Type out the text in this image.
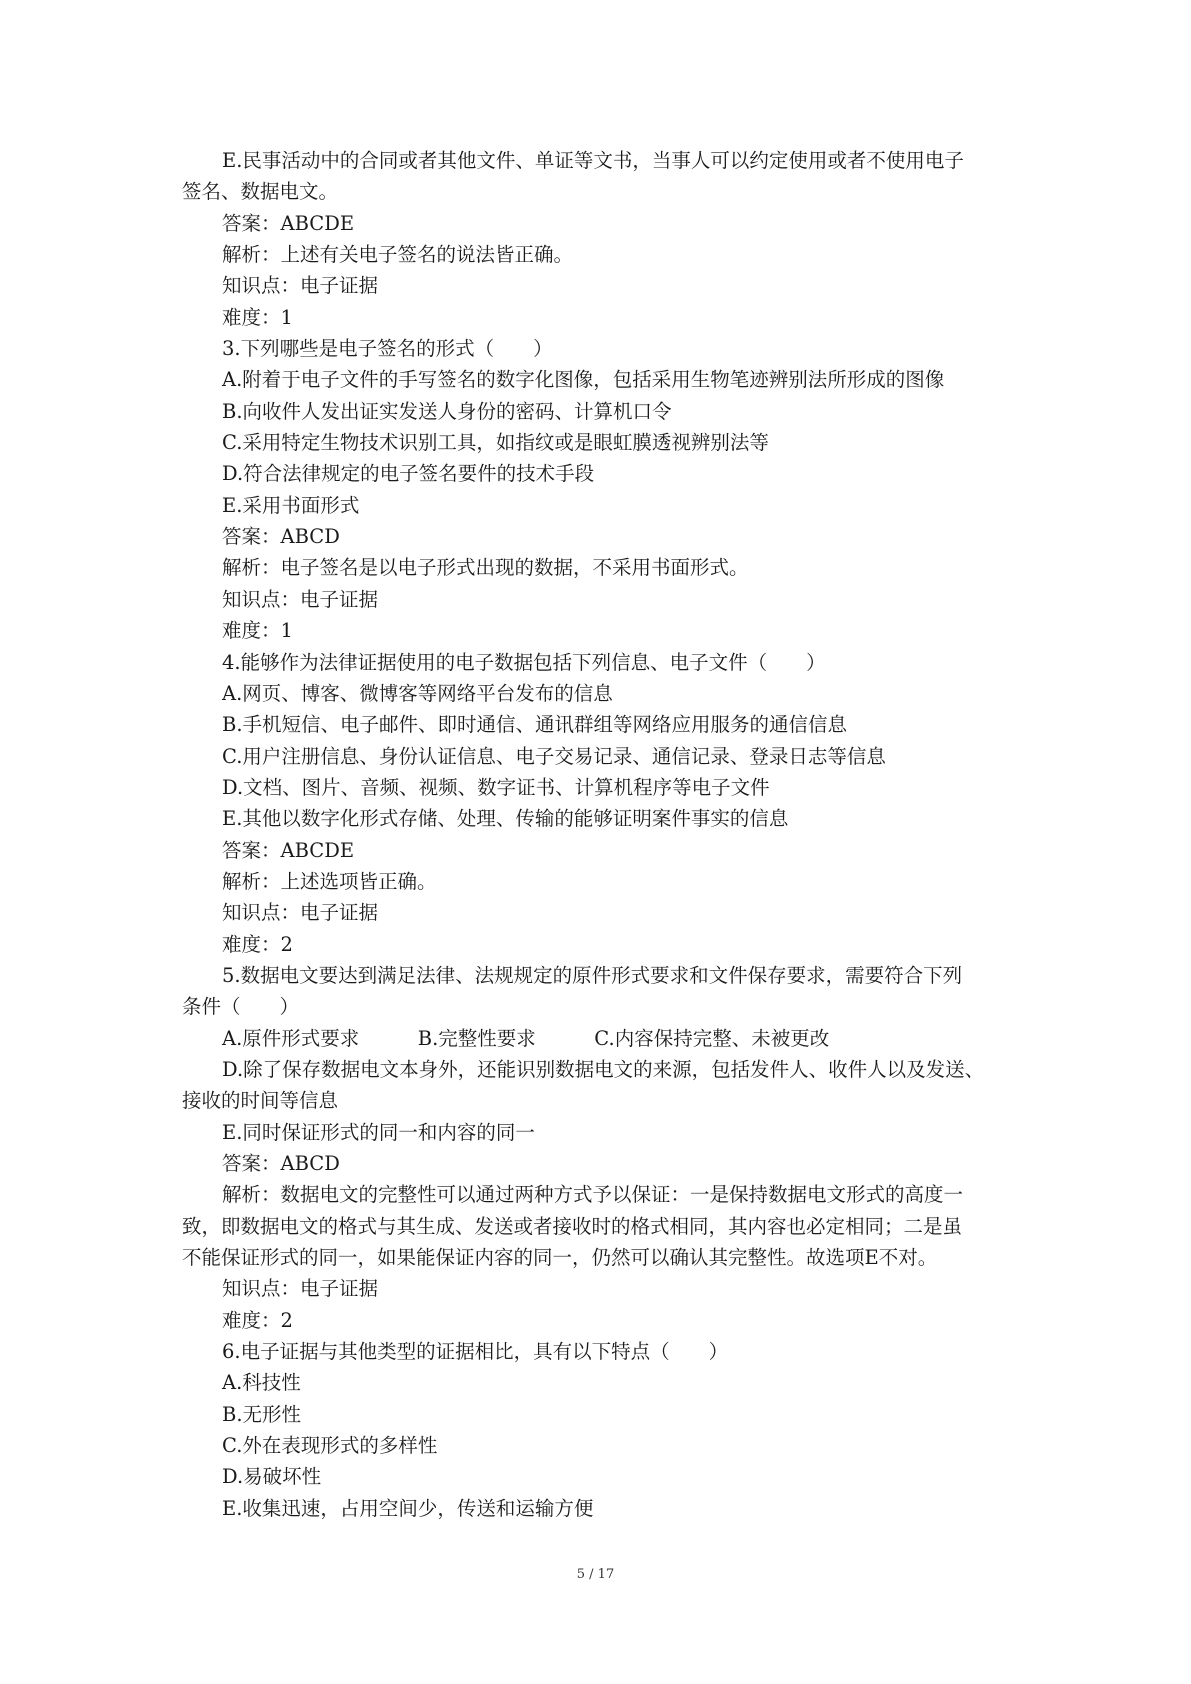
E.民事活动中的合同或者其他文件、单证等文书，当事人可以约定使用或者不使用电子
签名、数据电文。
答案：ABCDE
解析：上述有关电子签名的说法皆正确。
知识点：电子证据
难度：1
3.下列哪些是电子签名的形式（　　）
A.附着于电子文件的手写签名的数字化图像，包括采用生物笔迹辨别法所形成的图像
B.向收件人发出证实发送人身份的密码、计算机口令
C.采用特定生物技术识别工具，如指纹或是眼虹膜透视辨别法等
D.符合法律规定的电子签名要件的技术手段
E.采用书面形式
答案：ABCD
解析：电子签名是以电子形式出现的数据，不采用书面形式。
知识点：电子证据
难度：1
4.能够作为法律证据使用的电子数据包括下列信息、电子文件（　　）
A.网页、博客、微博客等网络平台发布的信息
B.手机短信、电子邮件、即时通信、通讯群组等网络应用服务的通信信息
C.用户注册信息、身份认证信息、电子交易记录、通信记录、登录日志等信息
D.文档、图片、音频、视频、数字证书、计算机程序等电子文件
E.其他以数字化形式存储、处理、传输的能够证明案件事实的信息
答案：ABCDE
解析：上述选项皆正确。
知识点：电子证据
难度：2
5.数据电文要达到满足法律、法规规定的原件形式要求和文件保存要求，需要符合下列
条件（　　）
A.原件形式要求　　　B.完整性要求　　　C.内容保持完整、未被更改
D.除了保存数据电文本身外，还能识别数据电文的来源，包括发件人、收件人以及发送、
接收的时间等信息
E.同时保证形式的同一和内容的同一
答案：ABCD
解析：数据电文的完整性可以通过两种方式予以保证：一是保持数据电文形式的高度一
致，即数据电文的格式与其生成、发送或者接收时的格式相同，其内容也必定相同；二是虽
不能保证形式的同一，如果能保证内容的同一，仍然可以确认其完整性。故选项E不对。
知识点：电子证据
难度：2
6.电子证据与其他类型的证据相比，具有以下特点（　　）
A.科技性
B.无形性
C.外在表现形式的多样性
D.易破坏性
E.收集迅速，占用空间少，传送和运输方便
5 / 17
